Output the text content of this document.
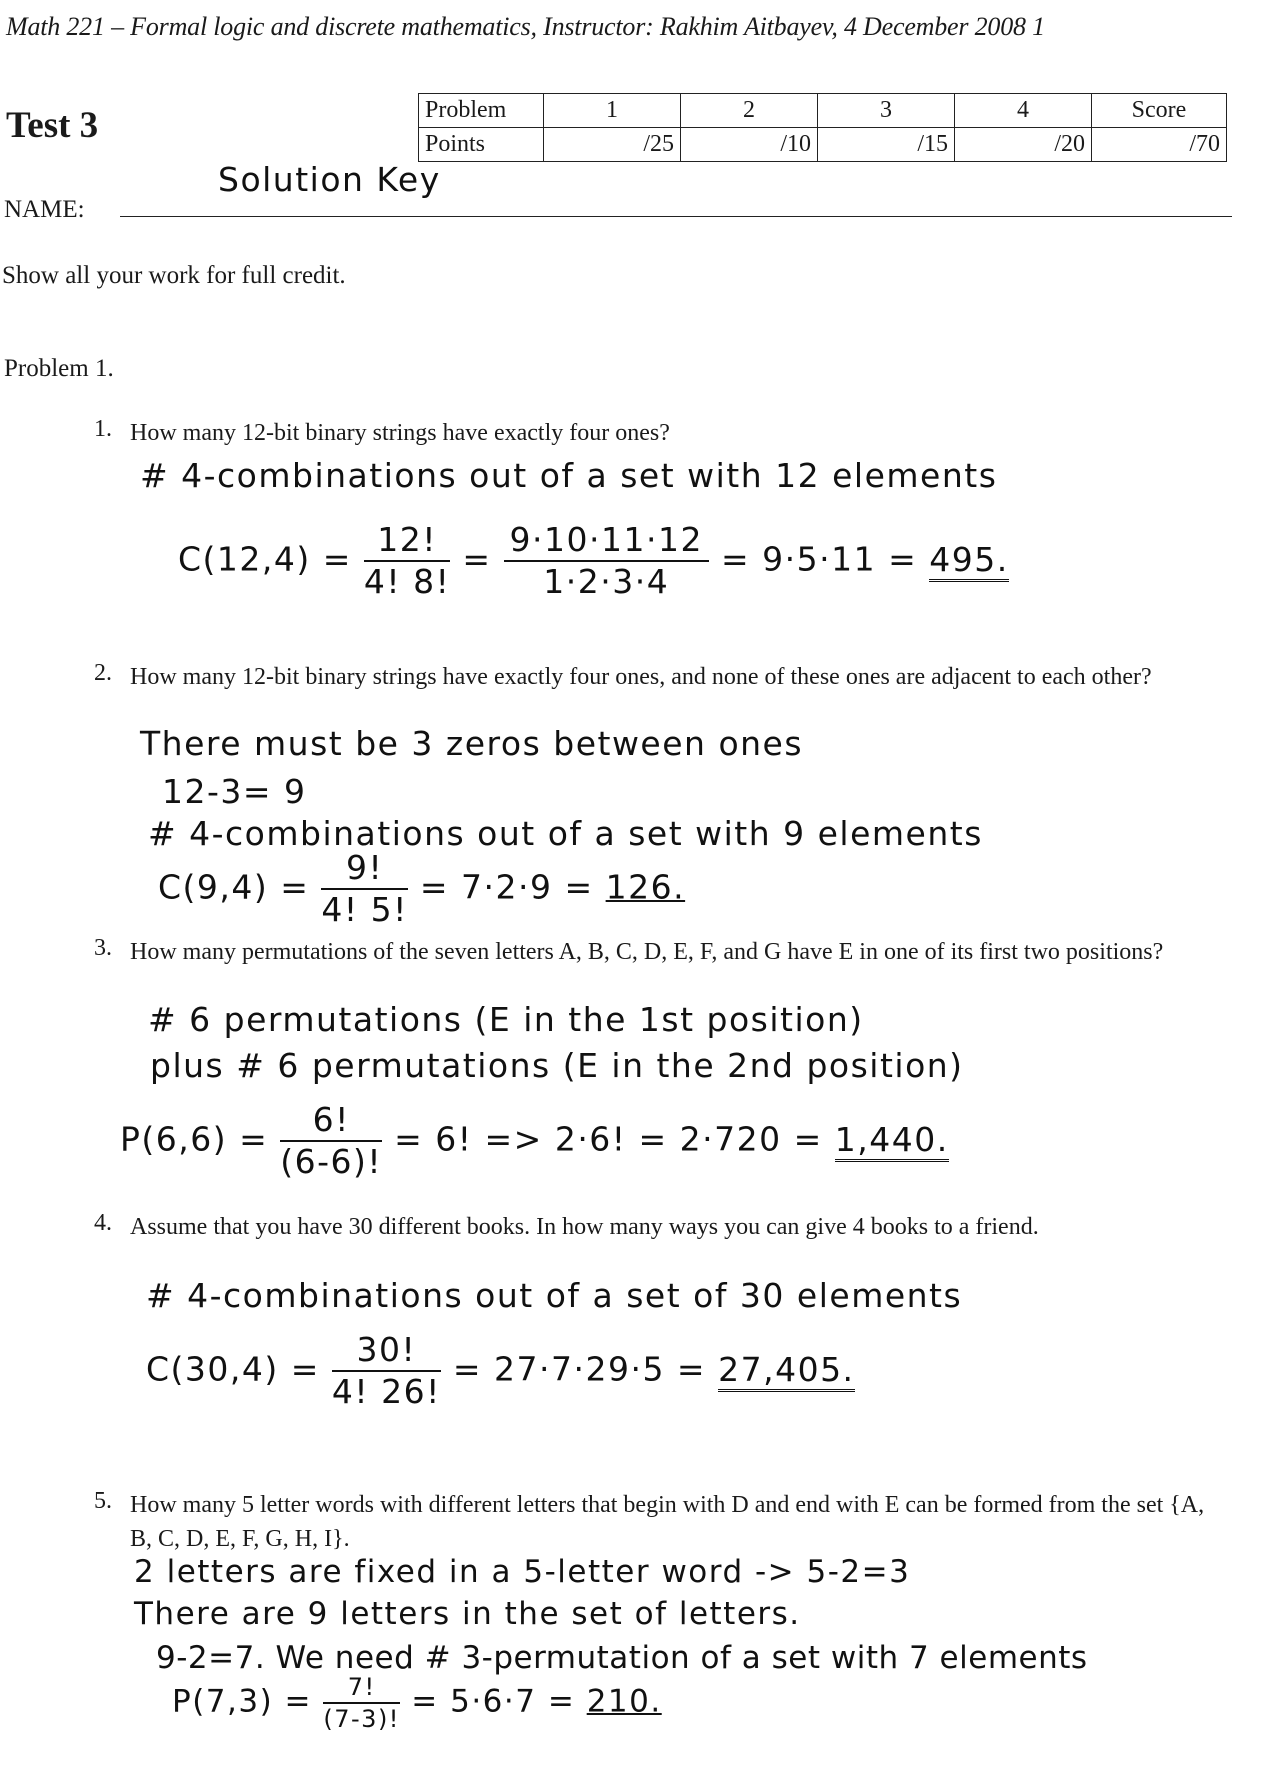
Math 221 – Formal logic and discrete mathematics, Instructor: Rakhim Aitbayev, 4 December 2008 1
Test 3	Problem	1	2	3	4	Score
Points	/25	/10	/15	/20	/70
NAME:
Solution Key
Show all your work for full credit.
Problem 1.
1. How many 12-bit binary strings have exactly four ones?
# 4-combinations out of a set with 12 elements
$C(12,4) = \frac{12!}{4! 8!} = \frac{9\cdot 10\cdot 11\cdot 12}{1\cdot 2\cdot 3\cdot 4} = 9\cdot 5\cdot 11 = 495$.
2. How many 12-bit binary strings have exactly four ones, and none of these ones are adjacent to each other?
There must be 3 zeros between ones
12-3= 9
# 4-combinations out of a set with 9 elements
$C(9,4) = \frac{9!}{4! 5!} = 7\cdot 2\cdot 9 = 126$.
3. How many permutations of the seven letters A, B, C, D, E, F, and G have E in one of its first two positions?
# 6 permutations (E in the 1st position)
plus # 6 permutations (E in the 2nd position)
$P(6,6) = \frac{6!}{(6-6)!} = 6$! => 2·6! = 2·720 = 1,440.
4. Assume that you have 30 different books. In how many ways you can give 4 books to a friend.
# 4-combinations out of a set of 30 elements
$C(30,4) = \frac{30!}{4! 26!} = 27\cdot 7\cdot 29\cdot 5 = 27,405$.
5. How many 5 letter words with different letters that begin with D and end with E can be formed from the set {A, B, C, D, E, F, G, H, I}.
2 letters are fixed in a 5-letter word -> 5-2=3
There are 9 letters in the set of letters.
9-2=7. We need # 3-permutation of a set with 7 elements
$P(7,3) = \frac{7!}{(7-3)!} = 5\cdot 6\cdot 7 = 210$.
